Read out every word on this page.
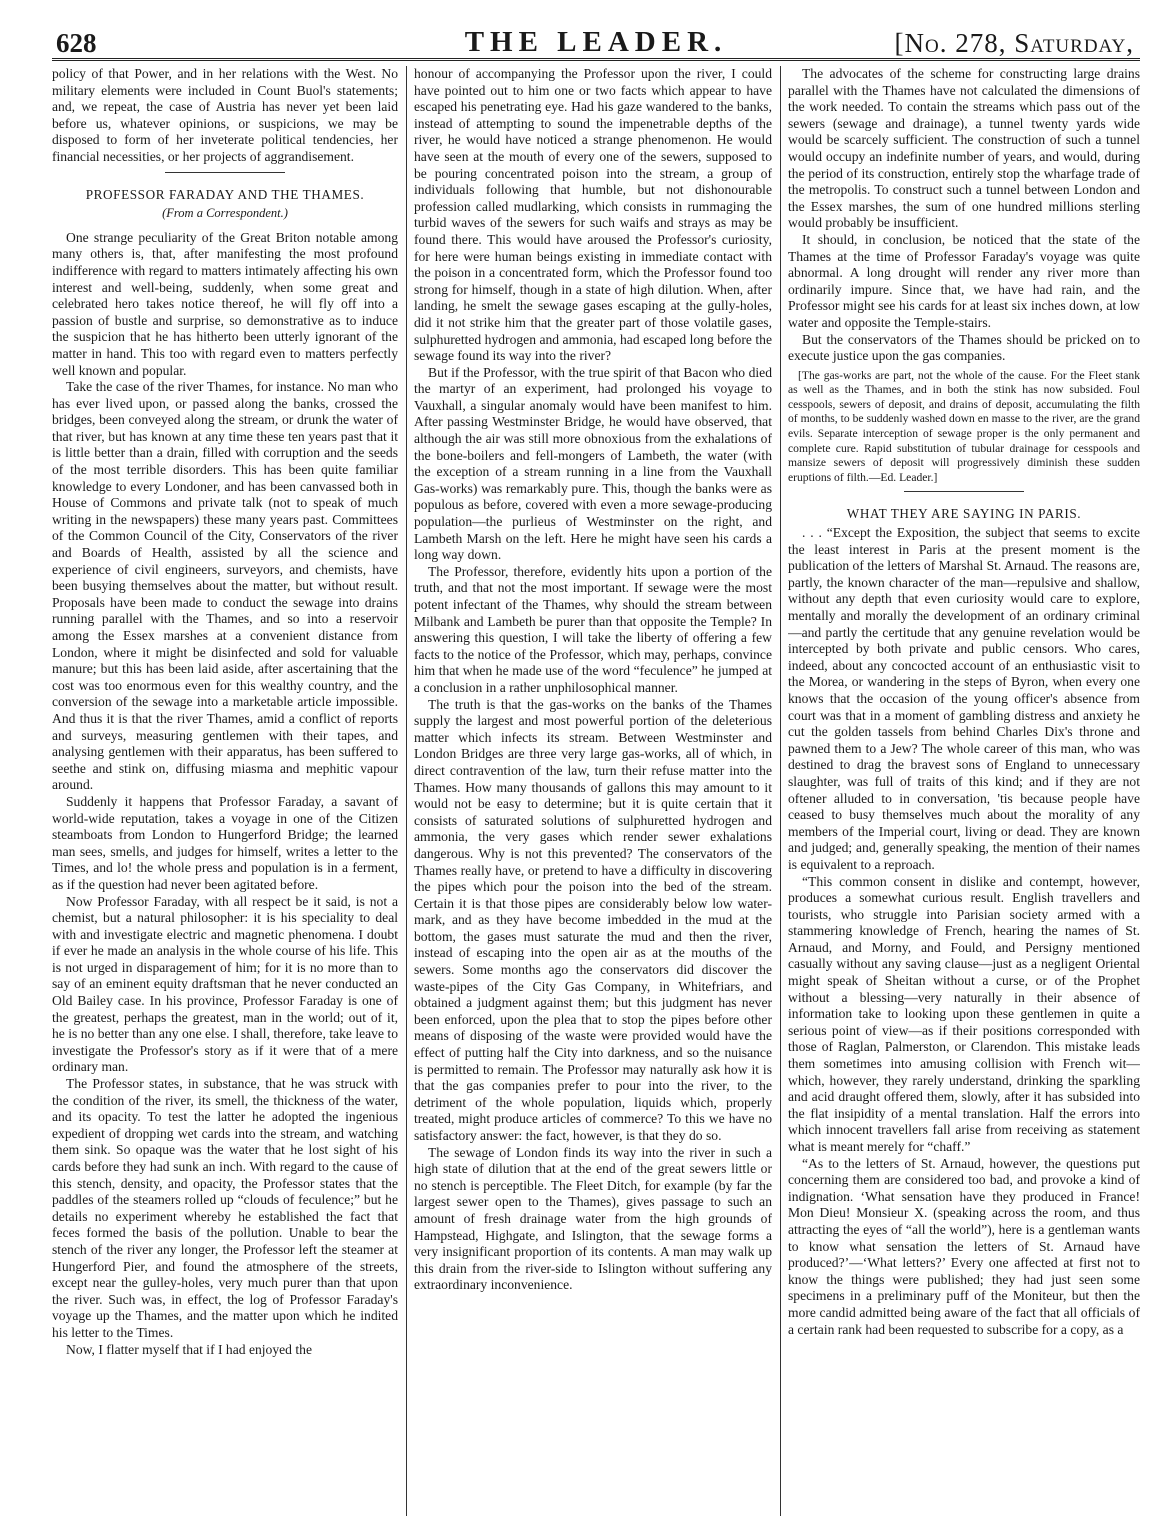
628	THE LEADER.	[No. 278, Saturday,

policy of that Power, and in her relations with the West. No military elements were included in Count Buol's statements; and, we repeat, the case of Austria has never yet been laid before us, whatever opinions, or suspicions, we may be disposed to form of her inveterate political tendencies, her financial necessities, or her projects of aggrandisement.

PROFESSOR FARADAY AND THE THAMES.
(From a Correspondent.)

One strange peculiarity of the Great Briton notable among many others is, that, after manifesting the most profound indifference with regard to matters intimately affecting his own interest and well-being, suddenly, when some great and celebrated hero takes notice thereof, he will fly off into a passion of bustle and surprise, so demonstrative as to induce the suspicion that he has hitherto been utterly ignorant of the matter in hand. This too with regard even to matters perfectly well known and popular.

Take the case of the river Thames, for instance. No man who has ever lived upon, or passed along the banks, crossed the bridges, been conveyed along the stream, or drunk the water of that river, but has known at any time these ten years past that it is little better than a drain, filled with corruption and the seeds of the most terrible disorders. This has been quite familiar knowledge to every Londoner, and has been canvassed both in House of Commons and private talk (not to speak of much writing in the newspapers) these many years past. Committees of the Common Council of the City, Conservators of the river and Boards of Health, assisted by all the science and experience of civil engineers, surveyors, and chemists, have been busying themselves about the matter, but without result. Proposals have been made to conduct the sewage into drains running parallel with the Thames, and so into a reservoir among the Essex marshes at a convenient distance from London, where it might be disinfected and sold for valuable manure; but this has been laid aside, after ascertaining that the cost was too enormous even for this wealthy country, and the conversion of the sewage into a marketable article impossible. And thus it is that the river Thames, amid a conflict of reports and surveys, measuring gentlemen with their tapes, and analysing gentlemen with their apparatus, has been suffered to seethe and stink on, diffusing miasma and mephitic vapour around.

Suddenly it happens that Professor Faraday, a savant of world-wide reputation, takes a voyage in one of the Citizen steamboats from London to Hungerford Bridge; the learned man sees, smells, and judges for himself, writes a letter to the Times, and lo! the whole press and population is in a ferment, as if the question had never been agitated before.

Now Professor Faraday, with all respect be it said, is not a chemist, but a natural philosopher: it is his speciality to deal with and investigate electric and magnetic phenomena. I doubt if ever he made an analysis in the whole course of his life. This is not urged in disparagement of him; for it is no more than to say of an eminent equity draftsman that he never conducted an Old Bailey case. In his province, Professor Faraday is one of the greatest, perhaps the greatest, man in the world; out of it, he is no better than any one else. I shall, therefore, take leave to investigate the Professor's story as if it were that of a mere ordinary man.

The Professor states, in substance, that he was struck with the condition of the river, its smell, the thickness of the water, and its opacity. To test the latter he adopted the ingenious expedient of dropping wet cards into the stream, and watching them sink. So opaque was the water that he lost sight of his cards before they had sunk an inch. With regard to the cause of this stench, density, and opacity, the Professor states that the paddles of the steamers rolled up “clouds of feculence;” but he details no experiment whereby he established the fact that feces formed the basis of the pollution. Unable to bear the stench of the river any longer, the Professor left the steamer at Hungerford Pier, and found the atmosphere of the streets, except near the gulley-holes, very much purer than that upon the river. Such was, in effect, the log of Professor Faraday's voyage up the Thames, and the matter upon which he indited his letter to the Times.

Now, I flatter myself that if I had enjoyed the

honour of accompanying the Professor upon the river, I could have pointed out to him one or two facts which appear to have escaped his penetrating eye. Had his gaze wandered to the banks, instead of attempting to sound the impenetrable depths of the river, he would have noticed a strange phenomenon. He would have seen at the mouth of every one of the sewers, supposed to be pouring concentrated poison into the stream, a group of individuals following that humble, but not dishonourable profession called mudlarking, which consists in rummaging the turbid waves of the sewers for such waifs and strays as may be found there. This would have aroused the Professor's curiosity, for here were human beings existing in immediate contact with the poison in a concentrated form, which the Professor found too strong for himself, though in a state of high dilution. When, after landing, he smelt the sewage gases escaping at the gully-holes, did it not strike him that the greater part of those volatile gases, sulphuretted hydrogen and ammonia, had escaped long before the sewage found its way into the river?

But if the Professor, with the true spirit of that Bacon who died the martyr of an experiment, had prolonged his voyage to Vauxhall, a singular anomaly would have been manifest to him. After passing Westminster Bridge, he would have observed, that although the air was still more obnoxious from the exhalations of the bone-boilers and fell-mongers of Lambeth, the water (with the exception of a stream running in a line from the Vauxhall Gas-works) was remarkably pure. This, though the banks were as populous as before, covered with even a more sewage-producing population—the purlieus of Westminster on the right, and Lambeth Marsh on the left. Here he might have seen his cards a long way down.

The Professor, therefore, evidently hits upon a portion of the truth, and that not the most important. If sewage were the most potent infectant of the Thames, why should the stream between Milbank and Lambeth be purer than that opposite the Temple? In answering this question, I will take the liberty of offering a few facts to the notice of the Professor, which may, perhaps, convince him that when he made use of the word “feculence” he jumped at a conclusion in a rather unphilosophical manner.

The truth is that the gas-works on the banks of the Thames supply the largest and most powerful portion of the deleterious matter which infects its stream. Between Westminster and London Bridges are three very large gas-works, all of which, in direct contravention of the law, turn their refuse matter into the Thames. How many thousands of gallons this may amount to it would not be easy to determine; but it is quite certain that it consists of saturated solutions of sulphuretted hydrogen and ammonia, the very gases which render sewer exhalations dangerous. Why is not this prevented? The conservators of the Thames really have, or pretend to have a difficulty in discovering the pipes which pour the poison into the bed of the stream. Certain it is that those pipes are considerably below low water-mark, and as they have become imbedded in the mud at the bottom, the gases must saturate the mud and then the river, instead of escaping into the open air as at the mouths of the sewers. Some months ago the conservators did discover the waste-pipes of the City Gas Company, in Whitefriars, and obtained a judgment against them; but this judgment has never been enforced, upon the plea that to stop the pipes before other means of disposing of the waste were provided would have the effect of putting half the City into darkness, and so the nuisance is permitted to remain. The Professor may naturally ask how it is that the gas companies prefer to pour into the river, to the detriment of the whole population, liquids which, properly treated, might produce articles of commerce? To this we have no satisfactory answer: the fact, however, is that they do so.

The sewage of London finds its way into the river in such a high state of dilution that at the end of the great sewers little or no stench is perceptible. The Fleet Ditch, for example (by far the largest sewer open to the Thames), gives passage to such an amount of fresh drainage water from the high grounds of Hampstead, Highgate, and Islington, that the sewage forms a very insignificant proportion of its contents. A man may walk up this drain from the river-side to Islington without suffering any extraordinary inconvenience.

The advocates of the scheme for constructing large drains parallel with the Thames have not calculated the dimensions of the work needed. To contain the streams which pass out of the sewers (sewage and drainage), a tunnel twenty yards wide would be scarcely sufficient. The construction of such a tunnel would occupy an indefinite number of years, and would, during the period of its construction, entirely stop the wharfage trade of the metropolis. To construct such a tunnel between London and the Essex marshes, the sum of one hundred millions sterling would probably be insufficient.

It should, in conclusion, be noticed that the state of the Thames at the time of Professor Faraday's voyage was quite abnormal. A long drought will render any river more than ordinarily impure. Since that, we have had rain, and the Professor might see his cards for at least six inches down, at low water and opposite the Temple-stairs.

But the conservators of the Thames should be pricked on to execute justice upon the gas companies.

[The gas-works are part, not the whole of the cause. For the Fleet stank as well as the Thames, and in both the stink has now subsided. Foul cesspools, sewers of deposit, and drains of deposit, accumulating the filth of months, to be suddenly washed down en masse to the river, are the grand evils. Separate interception of sewage proper is the only permanent and complete cure. Rapid substitution of tubular drainage for cesspools and mansize sewers of deposit will progressively diminish these sudden eruptions of filth.—Ed. Leader.]

WHAT THEY ARE SAYING IN PARIS.

. . . “Except the Exposition, the subject that seems to excite the least interest in Paris at the present moment is the publication of the letters of Marshal St. Arnaud. The reasons are, partly, the known character of the man—repulsive and shallow, without any depth that even curiosity would care to explore, mentally and morally the development of an ordinary criminal—and partly the certitude that any genuine revelation would be intercepted by both private and public censors. Who cares, indeed, about any concocted account of an enthusiastic visit to the Morea, or wandering in the steps of Byron, when every one knows that the occasion of the young officer's absence from court was that in a moment of gambling distress and anxiety he cut the golden tassels from behind Charles Dix's throne and pawned them to a Jew? The whole career of this man, who was destined to drag the bravest sons of England to unnecessary slaughter, was full of traits of this kind; and if they are not oftener alluded to in conversation, 'tis because people have ceased to busy themselves much about the morality of any members of the Imperial court, living or dead. They are known and judged; and, generally speaking, the mention of their names is equivalent to a reproach.

“This common consent in dislike and contempt, however, produces a somewhat curious result. English travellers and tourists, who struggle into Parisian society armed with a stammering knowledge of French, hearing the names of St. Arnaud, and Morny, and Fould, and Persigny mentioned casually without any saving clause—just as a negligent Oriental might speak of Sheitan without a curse, or of the Prophet without a blessing—very naturally in their absence of information take to looking upon these gentlemen in quite a serious point of view—as if their positions corresponded with those of Raglan, Palmerston, or Clarendon. This mistake leads them sometimes into amusing collision with French wit—which, however, they rarely understand, drinking the sparkling and acid draught offered them, slowly, after it has subsided into the flat insipidity of a mental translation. Half the errors into which innocent travellers fall arise from receiving as statement what is meant merely for “chaff.”

“As to the letters of St. Arnaud, however, the questions put concerning them are considered too bad, and provoke a kind of indignation. ‘What sensation have they produced in France! Mon Dieu! Monsieur X. (speaking across the room, and thus attracting the eyes of “all the world”), here is a gentleman wants to know what sensation the letters of St. Arnaud have produced?’—‘What letters?’ Every one affected at first not to know the things were published; they had just seen some specimens in a preliminary puff of the Moniteur, but then the more candid admitted being aware of the fact that all officials of a certain rank had been requested to subscribe for a copy, as a
